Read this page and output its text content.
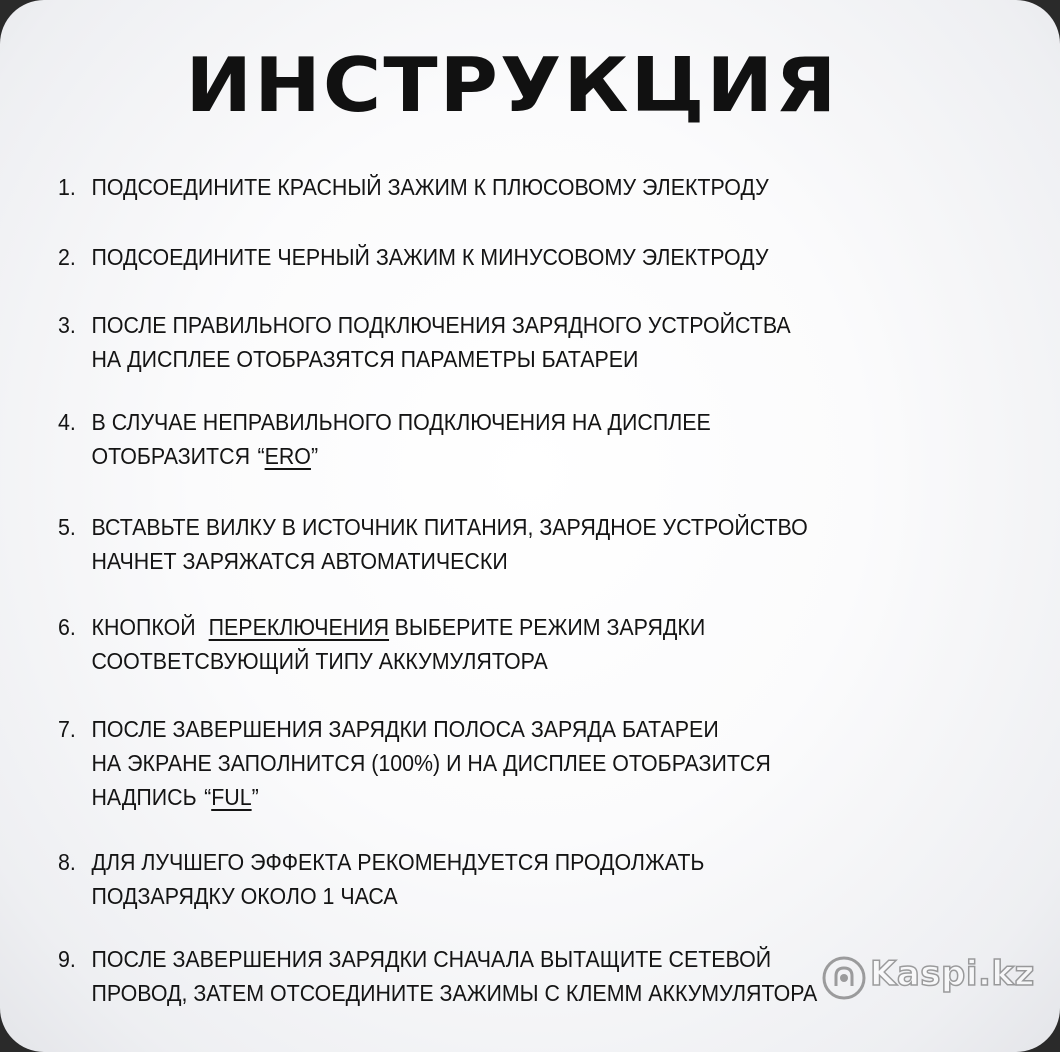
ИНСТРУКЦИЯ
1. ПОДСОЕДИНИТЕ КРАСНЫЙ ЗАЖИМ К ПЛЮСОВОМУ ЭЛЕКТРОДУ
2. ПОДСОЕДИНИТЕ ЧЕРНЫЙ ЗАЖИМ К МИНУСОВОМУ ЭЛЕКТРОДУ
3. ПОСЛЕ ПРАВИЛЬНОГО ПОДКЛЮЧЕНИЯ ЗАРЯДНОГО УСТРОЙСТВА
НА ДИСПЛЕЕ ОТОБРАЗЯТСЯ ПАРАМЕТРЫ БАТАРЕИ
4. В СЛУЧАЕ НЕПРАВИЛЬНОГО ПОДКЛЮЧЕНИЯ НА ДИСПЛЕЕ
ОТОБРАЗИТСЯ “ERO”
5. ВСТАВЬТЕ ВИЛКУ В ИСТОЧНИК ПИТАНИЯ, ЗАРЯДНОЕ УСТРОЙСТВО
НАЧНЕТ ЗАРЯЖАТСЯ АВТОМАТИЧЕСКИ
6. КНОПКОЙ ПЕРЕКЛЮЧЕНИЯ ВЫБЕРИТЕ РЕЖИМ ЗАРЯДКИ
СООТВЕТСВУЮЩИЙ ТИПУ АККУМУЛЯТОРА
7. ПОСЛЕ ЗАВЕРШЕНИЯ ЗАРЯДКИ ПОЛОСА ЗАРЯДА БАТАРЕИ
НА ЭКРАНЕ ЗАПОЛНИТСЯ (100%) И НА ДИСПЛЕЕ ОТОБРАЗИТСЯ
НАДПИСЬ “FUL”
8. ДЛЯ ЛУЧШЕГО ЭФФЕКТА РЕКОМЕНДУЕТСЯ ПРОДОЛЖАТЬ
ПОДЗАРЯДКУ ОКОЛО 1 ЧАСА
9. ПОСЛЕ ЗАВЕРШЕНИЯ ЗАРЯДКИ СНАЧАЛА ВЫТАЩИТЕ СЕТЕВОЙ
ПРОВОД, ЗАТЕМ ОТСОЕДИНИТЕ ЗАЖИМЫ С КЛЕММ АККУМУЛЯТОРА	Kaspi.kz
